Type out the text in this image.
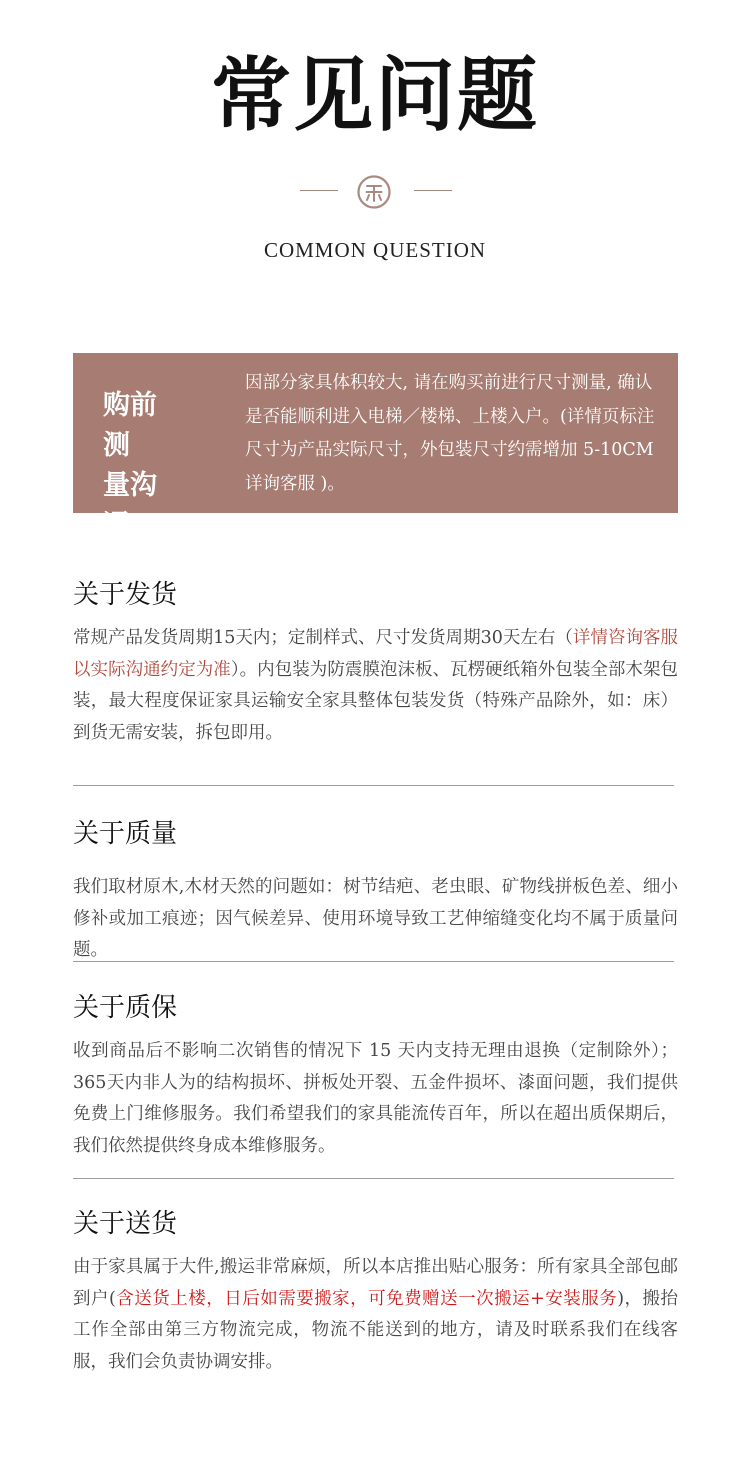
常见问题
COMMON QUESTION
购前测
量沟通
因部分家具体积较大, 请在购买前进行尺寸测量, 确认是否能顺利进入电梯／楼梯、上楼入户。(详情页标注尺寸为产品实际尺寸，外包装尺寸约需增加 5-10CM 详询客服 )。
关于发货

常规产品发货周期15天内；定制样式、尺寸发货周期30天左右（详情咨询客服以实际沟通约定为准）。内包装为防震膜泡沫板、瓦楞硬纸箱外包装全部木架包装，最大程度保证家具运输安全家具整体包装发货（特殊产品除外，如：床）到货无需安装，拆包即用。

关于质量

我们取材原木,木材天然的问题如：树节结疤、老虫眼、矿物线拼板色差、细小修补或加工痕迹；因气候差异、使用环境导致工艺伸缩缝变化均不属于质量问题。

关于质保

收到商品后不影响二次销售的情况下 15 天内支持无理由退换（定制除外）；365天内非人为的结构损坏、拼板处开裂、五金件损坏、漆面问题，我们提供免费上门维修服务。我们希望我们的家具能流传百年，所以在超出质保期后，我们依然提供终身成本维修服务。

关于送货

由于家具属于大件,搬运非常麻烦，所以本店推出贴心服务：所有家具全部包邮到户(含送货上楼，日后如需要搬家，可免费赠送一次搬运+安装服务)，搬抬工作全部由第三方物流完成，物流不能送到的地方，请及时联系我们在线客服，我们会负责协调安排。
